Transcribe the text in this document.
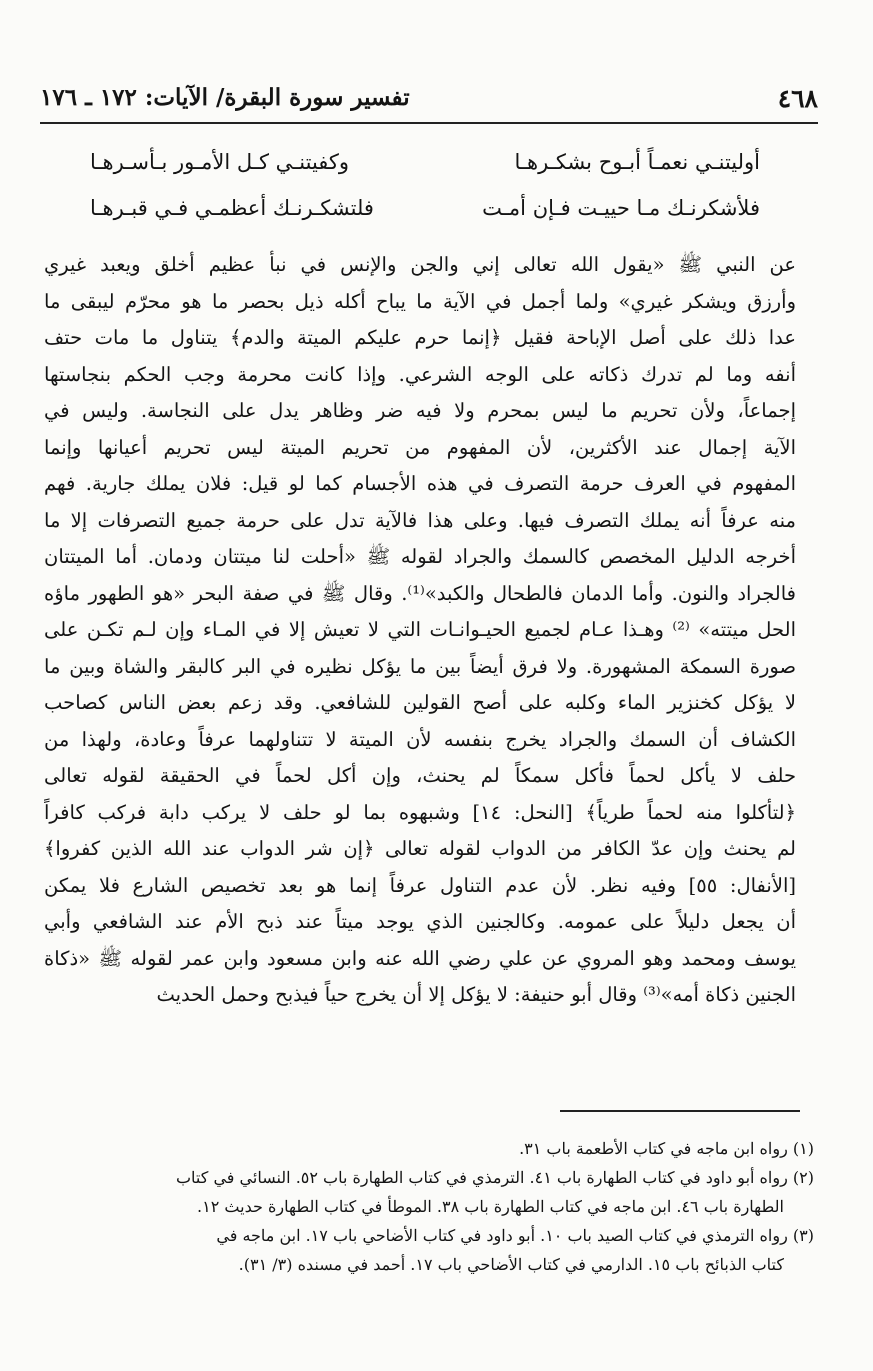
٤٦٨
تفسير سورة البقرة/ الآيات: ١٧٢ ـ ١٧٦
أوليتنـي نعمـاً أبـوح بشكـرهـا
وكفيتنـي كـل الأمـور بـأسـرهـا
فلأشكرنـك مـا حييـت فـإن أمـت
فلتشكـرنـك أعظمـي فـي قبـرهـا
عن النبي ﷺ «يقول الله تعالى إني والجن والإنس في نبأ عظيم أخلق ويعبد غيري
وأرزق ويشكر غيري» ولما أجمل في الآية ما يباح أكله ذيل بحصر ما هو محرّم ليبقى ما
عدا ذلك على أصل الإباحة فقيل ﴿إنما حرم عليكم الميتة والدم﴾ يتناول ما مات حتف
أنفه وما لم تدرك ذكاته على الوجه الشرعي. وإذا كانت محرمة وجب الحكم بنجاستها
إجماعاً، ولأن تحريم ما ليس بمحرم ولا فيه ضر وظاهر يدل على النجاسة. وليس في
الآية إجمال عند الأكثرين، لأن المفهوم من تحريم الميتة ليس تحريم أعيانها وإنما
المفهوم في العرف حرمة التصرف في هذه الأجسام كما لو قيل: فلان يملك جارية. فهم
منه عرفاً أنه يملك التصرف فيها. وعلى هذا فالآية تدل على حرمة جميع التصرفات إلا ما
أخرجه الدليل المخصص كالسمك والجراد لقوله ﷺ «أحلت لنا ميتتان ودمان. أما الميتتان
فالجراد والنون. وأما الدمان فالطحال والكبد»⁽¹⁾. وقال ﷺ في صفة البحر «هو الطهور ماؤه
الحل ميتته» ⁽²⁾ وهـذا عـام لجميع الحيـوانـات التي لا تعيش إلا في المـاء وإن لـم تكـن على
صورة السمكة المشهورة. ولا فرق أيضاً بين ما يؤكل نظيره في البر كالبقر والشاة وبين ما
لا يؤكل كخنزير الماء وكلبه على أصح القولين للشافعي. وقد زعم بعض الناس كصاحب
الكشاف أن السمك والجراد يخرج بنفسه لأن الميتة لا تتناولهما عرفاً وعادة، ولهذا من
حلف لا يأكل لحماً فأكل سمكاً لم يحنث، وإن أكل لحماً في الحقيقة لقوله تعالى
﴿لتأكلوا منه لحماً طرياً﴾ [النحل: ١٤] وشبهوه بما لو حلف لا يركب دابة فركب كافراً
لم يحنث وإن عدّ الكافر من الدواب لقوله تعالى ﴿إن شر الدواب عند الله الذين كفروا﴾
[الأنفال: ٥٥] وفيه نظر. لأن عدم التناول عرفاً إنما هو بعد تخصيص الشارع فلا يمكن
أن يجعل دليلاً على عمومه. وكالجنين الذي يوجد ميتاً عند ذبح الأم عند الشافعي وأبي
يوسف ومحمد وهو المروي عن علي رضي الله عنه وابن مسعود وابن عمر لقوله ﷺ «ذكاة
الجنين ذكاة أمه»⁽³⁾ وقال أبو حنيفة: لا يؤكل إلا أن يخرج حياً فيذبح وحمل الحديث
(١) رواه ابن ماجه في كتاب الأطعمة باب ٣١.
(٢) رواه أبو داود في كتاب الطهارة باب ٤١. الترمذي في كتاب الطهارة باب ٥٢. النسائي في كتاب
الطهارة باب ٤٦. ابن ماجه في كتاب الطهارة باب ٣٨. الموطأ في كتاب الطهارة حديث ١٢.
(٣) رواه الترمذي في كتاب الصيد باب ١٠. أبو داود في كتاب الأضاحي باب ١٧. ابن ماجه في
كتاب الذبائح باب ١٥. الدارمي في كتاب الأضاحي باب ١٧. أحمد في مسنده (٣/ ٣١).
